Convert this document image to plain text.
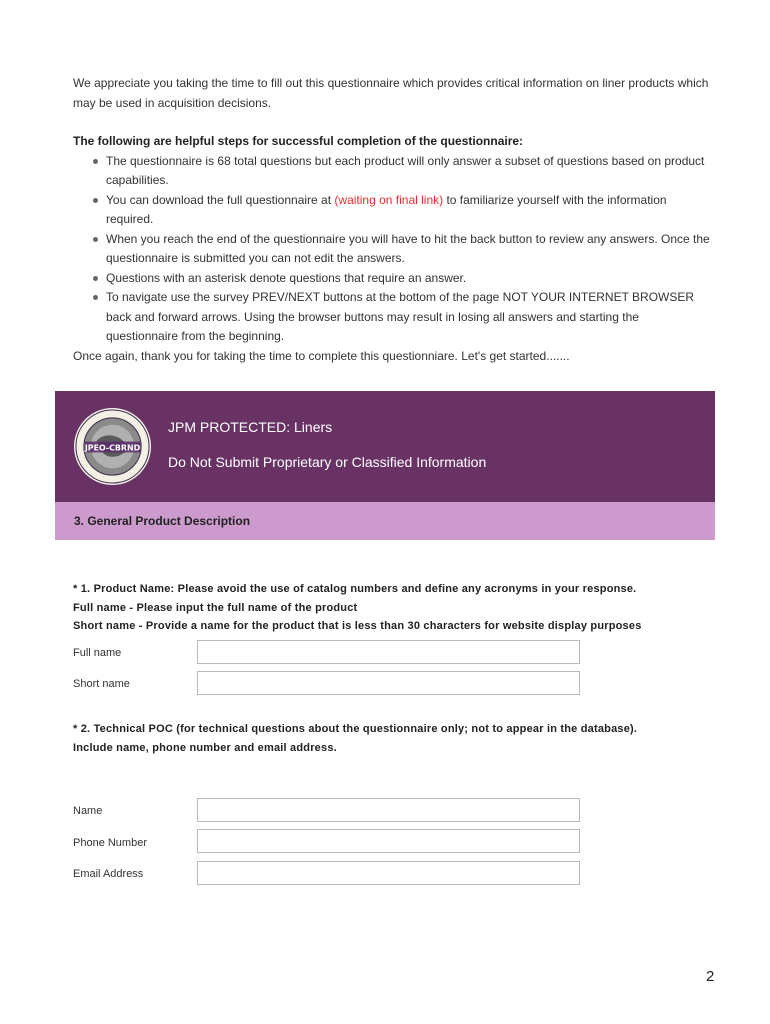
We appreciate you taking the time to fill out this questionnaire which provides critical information on liner products which may be used in acquisition decisions.

The following are helpful steps for successful completion of the questionnaire:

The questionnaire is 68 total questions but each product will only answer a subset of questions based on product capabilities.
You can download the full questionnaire at (waiting on final link) to familiarize yourself with the information required.
When you reach the end of the questionnaire you will have to hit the back button to review any answers. Once the questionnaire is submitted you can not edit the answers.
Questions with an asterisk denote questions that require an answer.
To navigate use the survey PREV/NEXT buttons at the bottom of the page NOT YOUR INTERNET BROWSER back and forward arrows. Using the browser buttons may result in losing all answers and starting the questionnaire from the beginning.

Once again, thank you for taking the time to complete this questionniare. Let's get started.......

JPEO-CBRND
JPM PROTECTED: Liners
Do Not Submit Proprietary or Classified Information
3. General Product Description

* 1. Product Name: Please avoid the use of catalog numbers and define any acronyms in your response.

Full name - Please input the full name of the product

Short name - Provide a name for the product that is less than 30 characters for website display purposes

Full name
Short name

* 2. Technical POC (for technical questions about the questionnaire only; not to appear in the database).

Include name, phone number and email address.

Name
Phone Number
Email Address
2
